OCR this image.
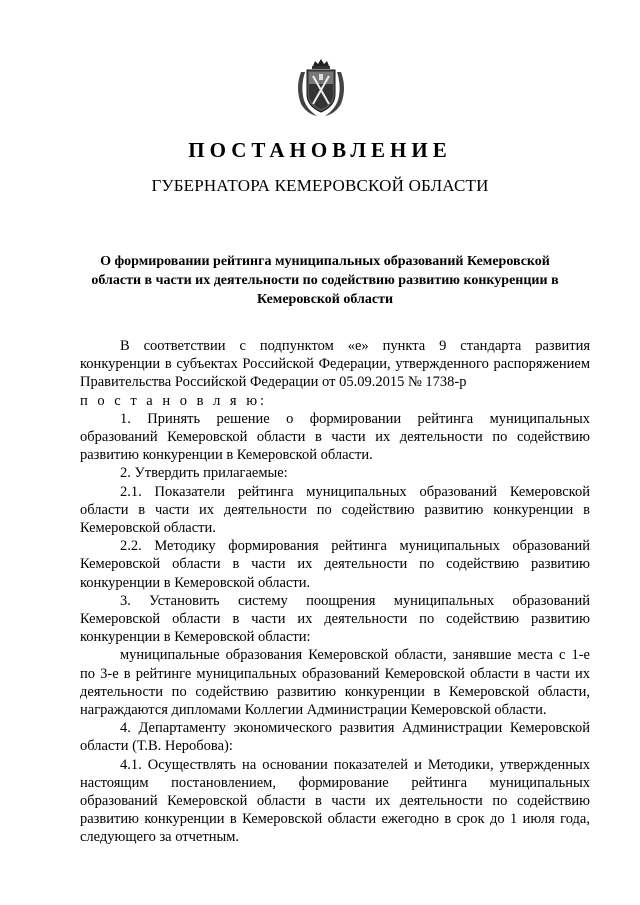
ПОСТАНОВЛЕНИЕ
ГУБЕРНАТОРА КЕМЕРОВСКОЙ ОБЛАСТИ
О формировании рейтинга муниципальных образований Кемеровской области в части их деятельности по содействию развитию конкуренции в Кемеровской области

В соответствии с подпунктом «е» пункта 9 стандарта развития конкуренции в субъектах Российской Федерации, утвержденного распоряжением Правительства Российской Федерации от 05.09.2015 № 1738-р

п о с т а н о в л я ю:

1. Принять решение о формировании рейтинга муниципальных образований Кемеровской области в части их деятельности по содействию развитию конкуренции в Кемеровской области.

2. Утвердить прилагаемые:

2.1. Показатели рейтинга муниципальных образований Кемеровской области в части их деятельности по содействию развитию конкуренции в Кемеровской области.

2.2. Методику формирования рейтинга муниципальных образований Кемеровской области в части их деятельности по содействию развитию конкуренции в Кемеровской области.

3. Установить систему поощрения муниципальных образований Кемеровской области в части их деятельности по содействию развитию конкуренции в Кемеровской области:

муниципальные образования Кемеровской области, занявшие места с 1-е по 3-е в рейтинге муниципальных образований Кемеровской области в части их деятельности по содействию развитию конкуренции в Кемеровской области, награждаются дипломами Коллегии Администрации Кемеровской области.

4. Департаменту экономического развития Администрации Кемеровской области (Т.В. Неробова):

4.1. Осуществлять на основании показателей и Методики, утвержденных настоящим постановлением, формирование рейтинга муниципальных образований Кемеровской области в части их деятельности по содействию развитию конкуренции в Кемеровской области ежегодно в срок до 1 июля года, следующего за отчетным.
